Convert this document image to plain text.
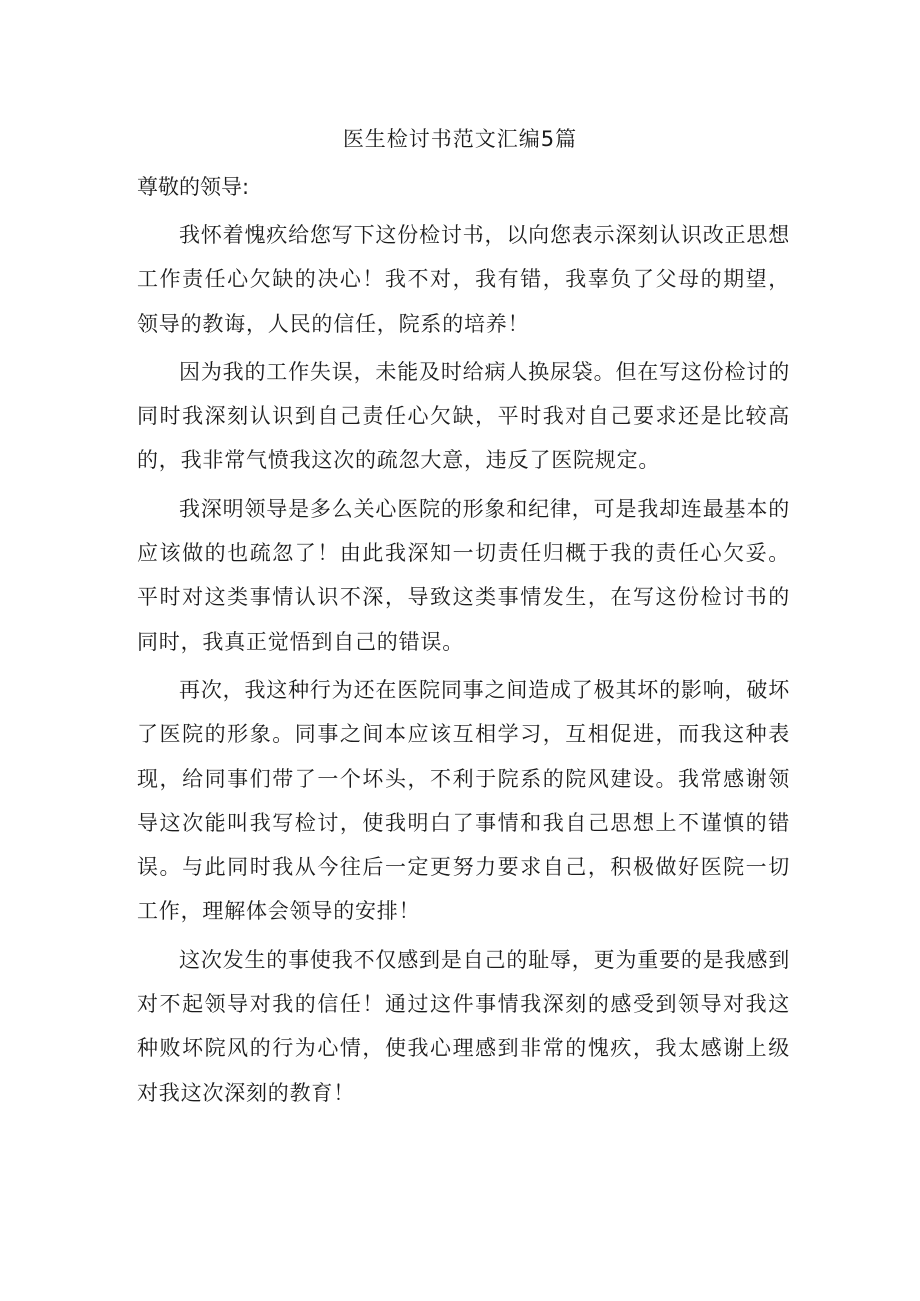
医生检讨书范文汇编5篇

尊敬的领导:

我怀着愧疚给您写下这份检讨书，以向您表示深刻认识改正思想工作责任心欠缺的决心！我不对，我有错，我辜负了父母的期望，领导的教诲，人民的信任，院系的培养！

因为我的工作失误，未能及时给病人换尿袋。但在写这份检讨的同时我深刻认识到自己责任心欠缺，平时我对自己要求还是比较高的，我非常气愤我这次的疏忽大意，违反了医院规定。

我深明领导是多么关心医院的形象和纪律，可是我却连最基本的应该做的也疏忽了！由此我深知一切责任归概于我的责任心欠妥。平时对这类事情认识不深，导致这类事情发生，在写这份检讨书的同时，我真正觉悟到自己的错误。

再次，我这种行为还在医院同事之间造成了极其坏的影响，破坏了医院的形象。同事之间本应该互相学习，互相促进，而我这种表现，给同事们带了一个坏头，不利于院系的院风建设。我常感谢领导这次能叫我写检讨，使我明白了事情和我自己思想上不谨慎的错误。与此同时我从今往后一定更努力要求自己，积极做好医院一切工作，理解体会领导的安排！

这次发生的事使我不仅感到是自己的耻辱，更为重要的是我感到对不起领导对我的信任！通过这件事情我深刻的感受到领导对我这种败坏院风的行为心情，使我心理感到非常的愧疚，我太感谢上级对我这次深刻的教育！
